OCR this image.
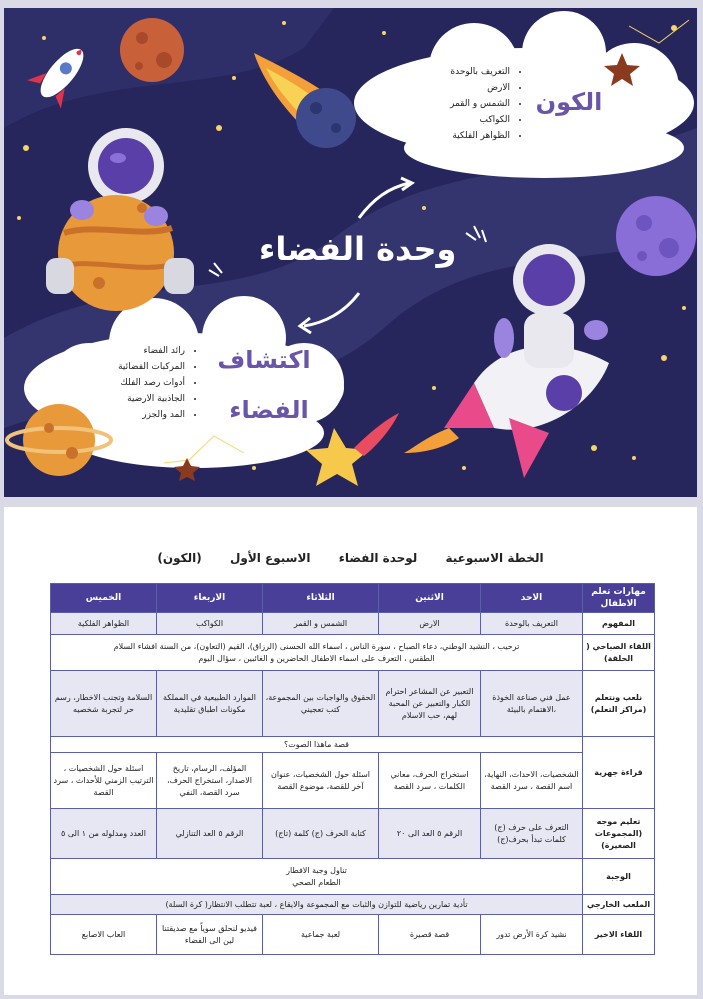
الكون
• التعريف بالوحدة
• الارض
• الشمس و القمر
• الكواكب
• الظواهر الفلكية
وحدة الفضاء
اكتشاف
الفضاء
• رائد الفضاء
• المركبات الفضائية
• أدوات رصد الفلك
• الجاذبية الارضية
• المد والجزر
الخطة الاسبوعية لوحدة الفضاء الاسبوع الأول (الكون)
مهارات تعلم الاطفال	الاحد	الاثنين	الثلاثاء	الاربعاء	الخميس
المفهوم	التعريف بالوحدة	الارض	الشمس و القمر	الكواكب	الظواهر الفلكية
اللقاء الصباحي ( الحلقة)	ترحيب ، النشيد الوطني، دعاء الصباح ، سورة الناس ، اسماء الله الحسنى (الرزاق)، القيم (التعاون)، من السنة افشاء السلام
الطقس ، التعرف على اسماء الاطفال الحاضرين و الغائبين ، سؤال اليوم				

نلعب ونتعلم (مراكز التعلم)	عمل فني صناعة الخوذة ،الاهتمام بالبيئة	التعبير عن المشاعر احترام الكبار والتعبير عن المحبة لهم، حب الاسلام	الحقوق والواجبات بين المجموعة، كتب تعجيني	الموارد الطبيعية في المملكة مكونات اطباق تقليدية	السلامة وتجنب الاخطار، رسم حر لتجربة شخصيه
قراءة جهرية	قصة ماهذا الصوت؟				
	الشخصيات، الاحداث، النهاية، اسم القصة ، سرد القصة	استخراج الحرف، معاني الكلمات ، سرد القصة	اسئلة حول الشخصيات، عنوان آخر للقصة، موضوع القصة	المؤلف، الرسام، تاريخ الاصدار، استخراج الحرف، سرد القصة، النفي	اسئلة حول الشخصيات ، الترتيب الزمني للأحداث ، سرد القصة
تعليم موجه (المجموعات الصغيرة)	التعرف على حرف (ج) كلمات تبدأ بحرف(ج)	الرقم ٥ العد الى ٢٠	كتابة الحرف (ج) كلمة (تاج)	الرقم ٥ العد التنازلي	العدد ومدلوله من ١ الى ٥
الوجبة	تناول وجبة الافطار
الطعام الصحي				

الملعب الخارجي	تأدية تمارين رياضية للتوازن والثبات مع المجموعة والايقاع ، لعبة تتطلب الانتظار( كرة السلة)				
اللقاء الاخير	نشيد كرة الأرض تدور	قصة قصيرة	لعبة جماعية	فيديو لنحلق سوياً مع صديقتنا لين الى الفضاء	العاب الاصابع
